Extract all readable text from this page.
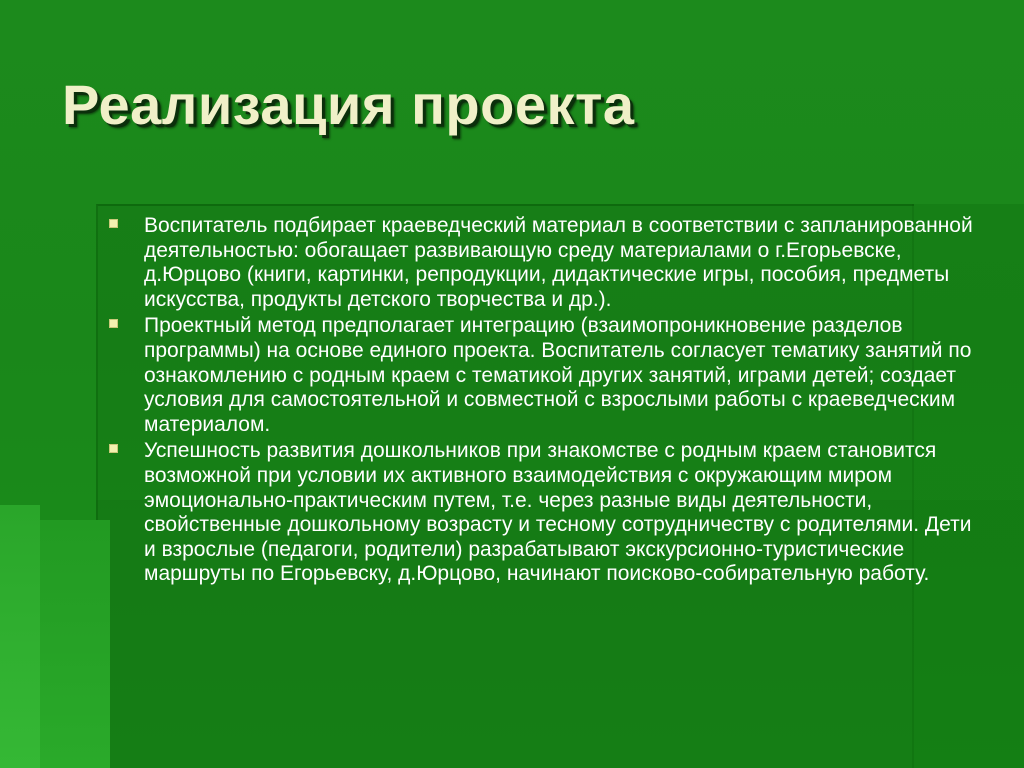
Реализация проекта
Воспитатель подбирает краеведческий материал в соответствии с запланированной деятельностью: обогащает развивающую среду материалами о г.Егорьевске, д.Юрцово (книги, картинки, репродукции, дидактические игры, пособия, предметы искусства, продукты детского творчества и др.).
Проектный метод предполагает интеграцию (взаимопроникновение разделов программы) на основе единого проекта. Воспитатель согласует тематику занятий по ознакомлению с родным краем с тематикой других занятий, играми детей; создает условия для самостоятельной и совместной с взрослыми работы с краеведческим материалом.
Успешность развития дошкольников при знакомстве с родным краем становится возможной при условии их активного взаимодействия с окружающим миром эмоционально-практическим путем, т.е. через разные виды деятельности, свойственные дошкольному возрасту и тесному сотрудничеству с родителями. Дети и взрослые (педагоги, родители) разрабатывают экскурсионно-туристические маршруты по Егорьевску, д.Юрцово, начинают поисково-собирательную работу.
